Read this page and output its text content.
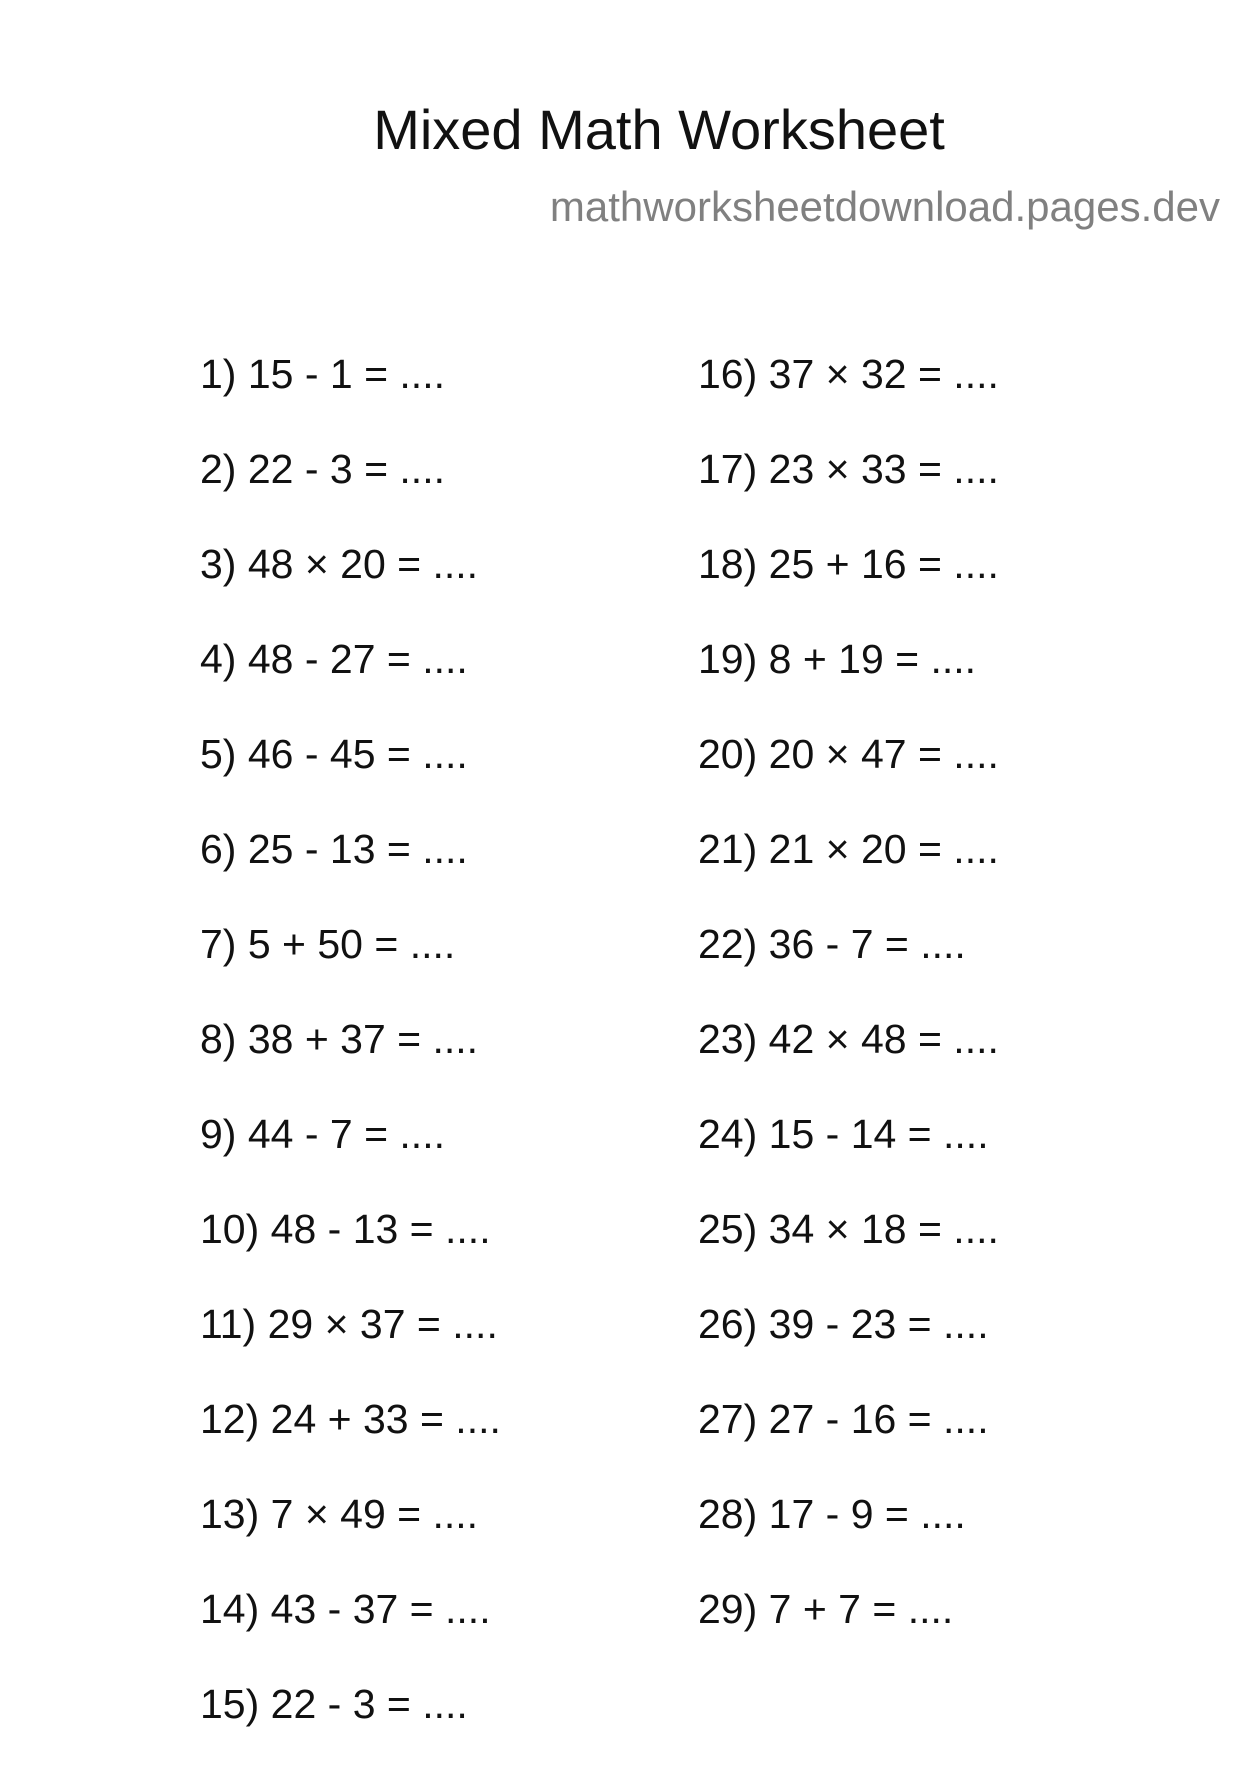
Mixed Math Worksheet
mathworksheetdownload.pages.dev
1) 15 - 1 = ....
2) 22 - 3 = ....
3) 48 × 20 = ....
4) 48 - 27 = ....
5) 46 - 45 = ....
6) 25 - 13 = ....
7) 5 + 50 = ....
8) 38 + 37 = ....
9) 44 - 7 = ....
10) 48 - 13 = ....
11) 29 × 37 = ....
12) 24 + 33 = ....
13) 7 × 49 = ....
14) 43 - 37 = ....
15) 22 - 3 = ....
16) 37 × 32 = ....
17) 23 × 33 = ....
18) 25 + 16 = ....
19) 8 + 19 = ....
20) 20 × 47 = ....
21) 21 × 20 = ....
22) 36 - 7 = ....
23) 42 × 48 = ....
24) 15 - 14 = ....
25) 34 × 18 = ....
26) 39 - 23 = ....
27) 27 - 16 = ....
28) 17 - 9 = ....
29) 7 + 7 = ....
